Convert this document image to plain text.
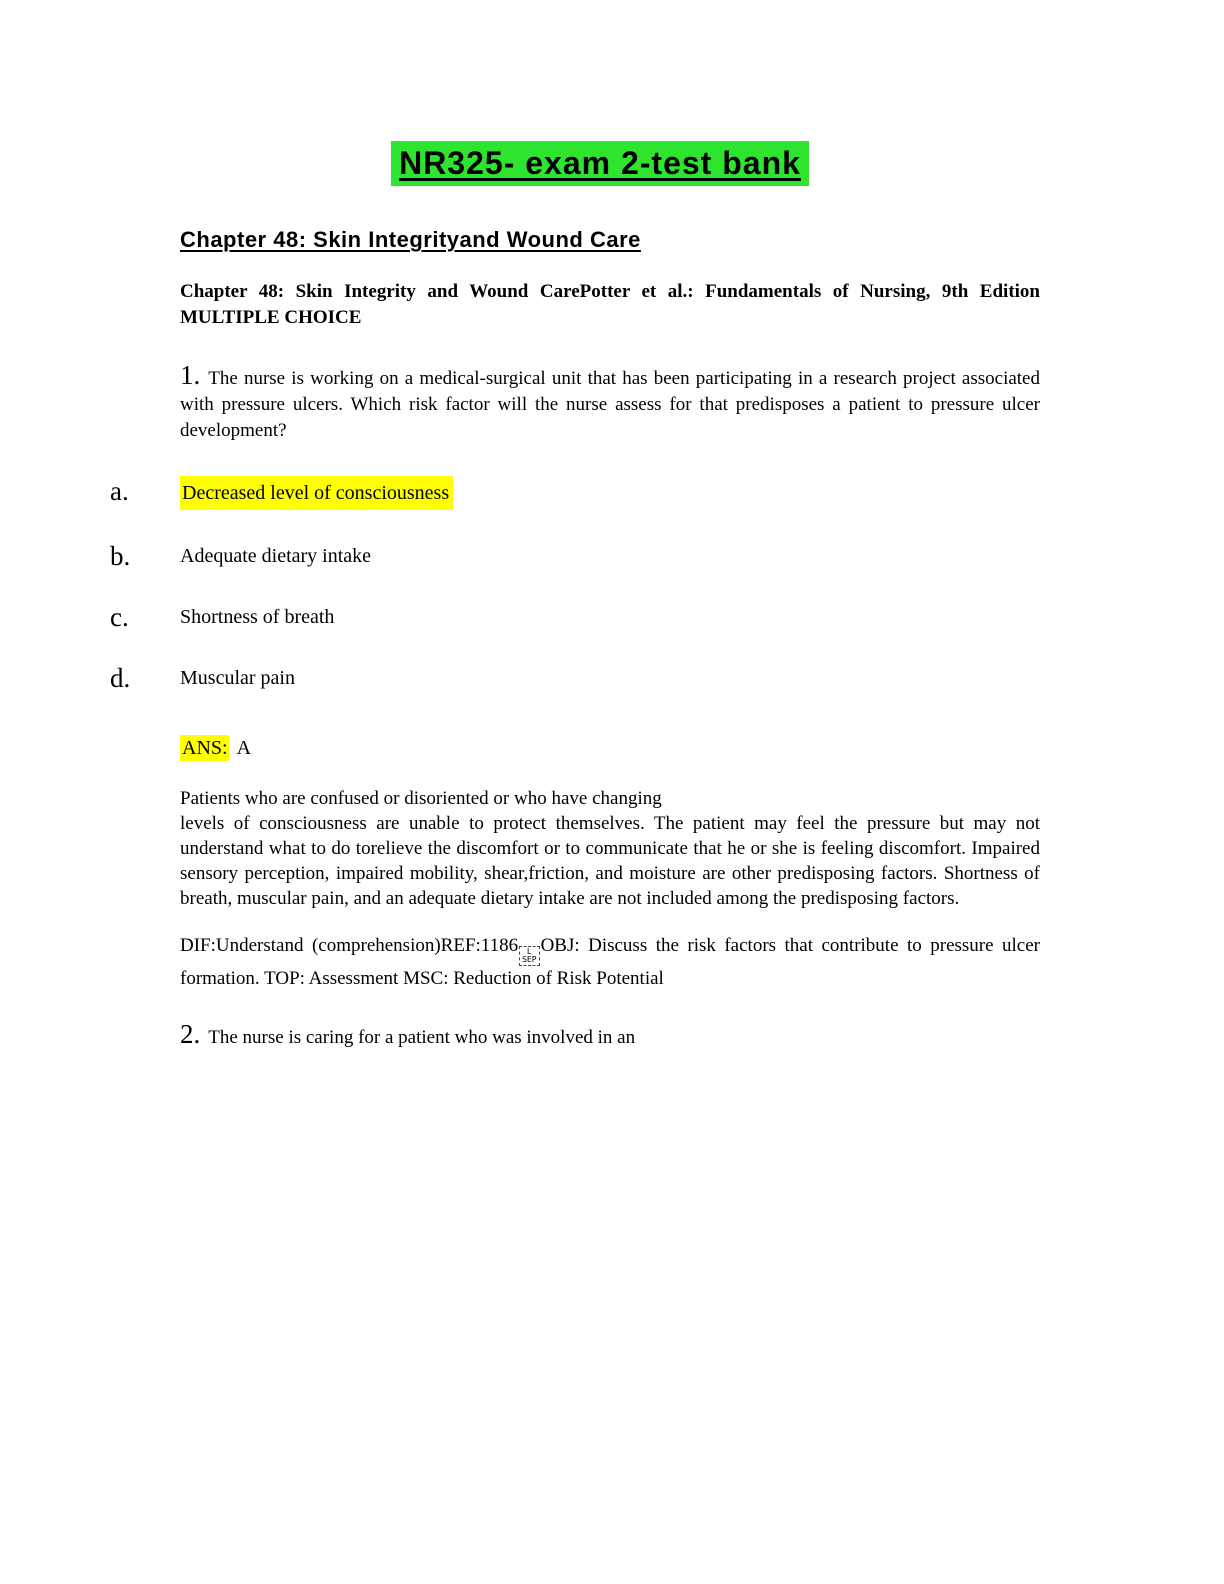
NR325- exam 2-test bank
Chapter 48: Skin Integrityand Wound Care

Chapter 48: Skin Integrity and Wound CarePotter et al.: Fundamentals of Nursing, 9th Edition MULTIPLE CHOICE

1. The nurse is working on a medical-surgical unit that has been participating in a research project associated with pressure ulcers. Which risk factor will the nurse assess for that predisposes a patient to pressure ulcer development?

a.	Decreased level of consciousness
b.	Adequate dietary intake
c.	Shortness of breath
d.	Muscular pain
ANS: A

Patients who are confused or disoriented or who have changing
levels of consciousness are unable to protect themselves. The patient may feel the pressure but may not understand what to do torelieve the discomfort or to communicate that he or she is feeling discomfort. Impaired sensory perception, impaired mobility, shear,friction, and moisture are other predisposing factors. Shortness of breath, muscular pain, and an adequate dietary intake are not included among the predisposing factors.

DIF:Understand (comprehension)REF:1186 L
SEP
OBJ: Discuss the risk factors that contribute to pressure ulcer formation. TOP: Assessment MSC: Reduction of Risk Potential

2. The nurse is caring for a patient who was involved in an
